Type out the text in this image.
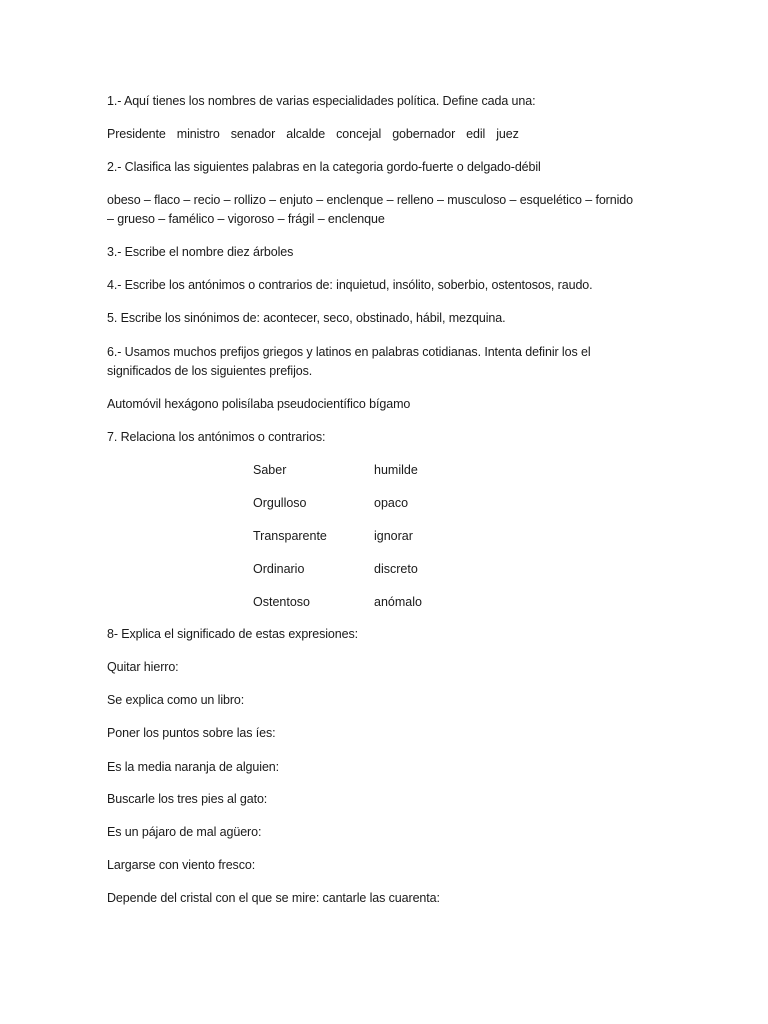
1.- Aquí tienes los nombres de varias especialidades política. Define cada una:
Presidente ministro senador alcalde concejal gobernador edil juez
2.- Clasifica las siguientes palabras en la categoria gordo-fuerte o delgado-débil
obeso – flaco – recio – rollizo – enjuto – enclenque – relleno – musculoso – esquelético – fornido
– grueso – famélico – vigoroso – frágil – enclenque
3.- Escribe el nombre diez árboles
4.- Escribe los antónimos o contrarios de: inquietud, insólito, soberbio, ostentosos, raudo.
5. Escribe los sinónimos de: acontecer, seco, obstinado, hábil, mezquina.
6.- Usamos muchos prefijos griegos y latinos en palabras cotidianas. Intenta definir los el
significados de los siguientes prefijos.
Automóvil hexágono polisílaba pseudocientífico bígamo
7. Relaciona los antónimos o contrarios:
Saber	humilde
Orgulloso	opaco
Transparente	ignorar
Ordinario	discreto
Ostentoso	anómalo
8- Explica el significado de estas expresiones:
Quitar hierro:
Se explica como un libro:
Poner los puntos sobre las íes:
Es la media naranja de alguien:
Buscarle los tres pies al gato:
Es un pájaro de mal agüero:
Largarse con viento fresco:
Depende del cristal con el que se mire: cantarle las cuarenta:
